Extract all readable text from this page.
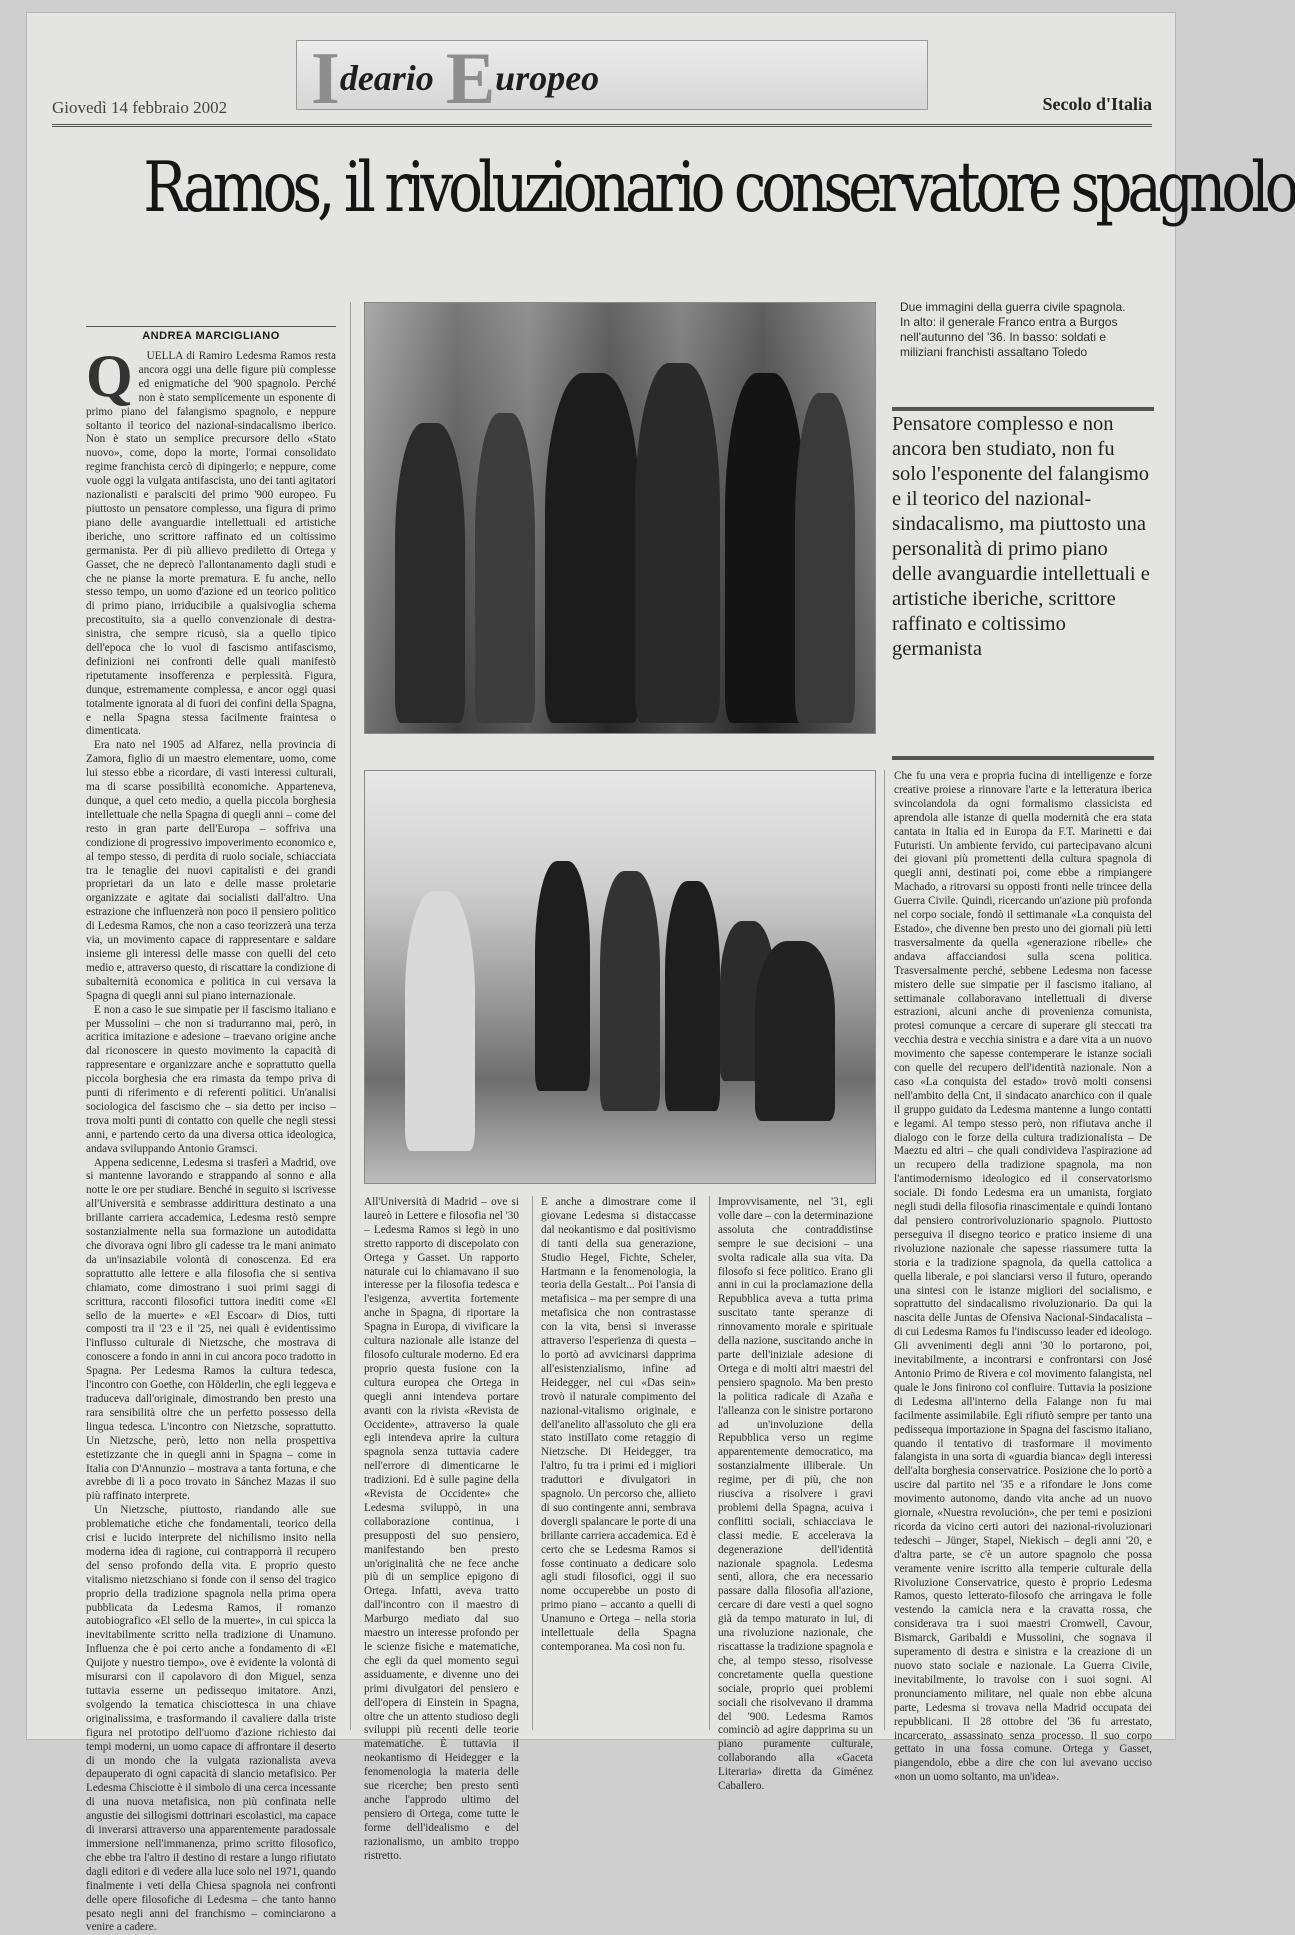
Giovedì 14 febbraio 2002 I deario E uropeo
Secolo d'Italia
Ramos, il rivoluzionario conservatore spagnolo
ANDREA MARCIGLIANO
Q	UELLA di Ramiro Ledesma Ramos resta ancora oggi una delle figure più complesse ed enigmatiche del '900 spagnolo. Perché non è stato semplicemente un esponente di primo piano del falangismo spagnolo, e neppure soltanto il teorico del nazional-sindacalismo iberico. Non è stato un semplice precursore dello «Stato nuovo», come, dopo la morte, l'ormai consolidato regime franchista cercò di dipingerlo; e neppure, come vuole oggi la vulgata antifascista, uno dei tanti agitatori nazionalisti e paralsciti del primo '900 europeo. Fu piuttosto un pensatore complesso, una figura di primo piano delle avanguardie intellettuali ed artistiche iberiche, uno scrittore raffinato ed un coltissimo germanista. Per di più allievo prediletto di Ortega y Gasset, che ne deprecò l'allontanamento dagli studi e che ne pianse la morte prematura. E fu anche, nello stesso tempo, un uomo d'azione ed un teorico politico di primo piano, irriducibile a qualsivoglia schema precostituito, sia a quello convenzionale di destra-sinistra, che sempre ricusò, sia a quello tipico dell'epoca che lo vuol di fascismo antifascismo, definizioni nei confronti delle quali manifestò ripetutamente insofferenza e perplessità. Figura, dunque, estremamente complessa, e ancor oggi quasi totalmente ignorata al di fuori dei confini della Spagna, e nella Spagna stessa facilmente fraintesa o dimenticata.

Era nato nel 1905 ad Alfarez, nella provincia di Zamora, figlio di un maestro elementare, uomo, come lui stesso ebbe a ricordare, di vasti interessi culturali, ma di scarse possibilità economiche. Apparteneva, dunque, a quel ceto medio, a quella piccola borghesia intellettuale che nella Spagna di quegli anni – come del resto in gran parte dell'Europa – soffriva una condizione di progressivo impoverimento economico e, al tempo stesso, di perdita di ruolo sociale, schiacciata tra le tenaglie dei nuovi capitalisti e dei grandi proprietari da un lato e delle masse proletarie organizzate e agitate dai socialisti dall'altro. Una estrazione che influenzerà non poco il pensiero politico di Ledesma Ramos, che non a caso teorizzerà una terza via, un movimento capace di rappresentare e saldare insieme gli interessi delle masse con quelli del ceto medio e, attraverso questo, di riscattare la condizione di subalternità economica e politica in cui versava la Spagna di quegli anni sul piano internazionale.

E non a caso le sue simpatie per il fascismo italiano e per Mussolini – che non si tradurranno mai, però, in acritica imitazione e adesione – traevano origine anche dal riconoscere in questo movimento la capacità di rappresentare e organizzare anche e soprattutto quella piccola borghesia che era rimasta da tempo priva di punti di riferimento e di referenti politici. Un'analisi sociologica del fascismo che – sia detto per inciso – trova molti punti di contatto con quelle che negli stessi anni, e partendo certo da una diversa ottica ideologica, andava sviluppando Antonio Gramsci.

Appena sedicenne, Ledesma si trasferì a Madrid, ove si mantenne lavorando e strappando al sonno e alla notte le ore per studiare. Benché in seguito si iscrivesse all'Università e sembrasse addirittura destinato a una brillante carriera accademica, Ledesma restò sempre sostanzialmente nella sua formazione un autodidatta che divorava ogni libro gli cadesse tra le mani animato da un'insaziabile volontà di conoscenza. Ed era soprattutto alle lettere e alla filosofia che si sentiva chiamato, come dimostrano i suoi primi saggi di scrittura, racconti filosofici tuttora inediti come «El sello de la muerte» e «El Escoar» di Dios, tutti composti tra il '23 e il '25, nei quali è evidentissimo l'influsso culturale di Nietzsche, che mostrava di conoscere a fondo in anni in cui ancora poco tradotto in Spagna. Per Ledesma Ramos la cultura tedesca, l'incontro con Goethe, con Hölderlin, che egli leggeva e traduceva dall'originale, dimostrando ben presto una rara sensibilità oltre che un perfetto possesso della lingua tedesca. L'incontro con Nietzsche, soprattutto. Un Nietzsche, però, letto non nella prospettiva estetizzante che in quegli anni in Spagna – come in Italia con D'Annunzio – mostrava a tanta fortuna, e che avrebbe di lì a poco trovato in Sánchez Mazas il suo più raffinato interprete.

Un Nietzsche, piuttosto, riandando alle sue problematiche etiche che fondamentali, teorico della crisi e lucido interprete del nichilismo insito nella moderna idea di ragione, cui contrapporrà il recupero del senso profondo della vita. E proprio questo vitalismo nietzschiano si fonde con il senso del tragico proprio della tradizione spagnola nella prima opera pubblicata da Ledesma Ramos, il romanzo autobiografico «El sello de la muerte», in cui spicca la inevitabilmente scritto nella tradizione di Unamuno. Influenza che è poi certo anche a fondamento di «El Quijote y nuestro tiempo», ove è evidente la volontà di misurarsi con il capolavoro di don Miguel, senza tuttavia esserne un pedissequo imitatore. Anzi, svolgendo la tematica chisciottesca in una chiave originalissima, e trasformando il cavaliere dalla triste figura nel prototipo dell'uomo d'azione richiesto dai tempi moderni, un uomo capace di affrontare il deserto di un mondo che la vulgata razionalista aveva depauperato di ogni capacità di slancio metafisico. Per Ledesma Chisciotte è il simbolo di una cerca incessante di una nuova metafisica, non più confinata nelle angustie dei sillogismi dottrinari escolastici, ma capace di inverarsi attraverso una apparentemente paradossale immersione nell'immanenza, primo scritto filosofico, che ebbe tra l'altro il destino di restare a lungo rifiutato dagli editori e di vedere alla luce solo nel 1971, quando finalmente i veti della Chiesa spagnola nei confronti delle opere filosofiche di Ledesma – che tanto hanno pesato negli anni del franchismo – cominciarono a venire a cadere.

Due immagini della guerra civile spagnola. In alto: il generale Franco entra a Burgos nell'autunno del '36. In basso: soldati e miliziani franchisti assaltano Toledo
Pensatore complesso e non ancora ben studiato, non fu solo l'esponente del falangismo e il teorico del nazional-sindacalismo, ma piuttosto una personalità di primo piano delle avanguardie intellettuali e artistiche iberiche, scrittore raffinato e coltissimo germanista
Che fu una vera e propria fucina di intelligenze e forze creative proiese a rinnovare l'arte e la letteratura iberica svincolandola da ogni formalismo classicista ed aprendola alle istanze di quella modernità che era stata cantata in Italia ed in Europa da F.T. Marinetti e dai Futuristi. Un ambiente fervido, cui partecipavano alcuni dei giovani più promettenti della cultura spagnola di quegli anni, destinati poi, come ebbe a rimpiangere Machado, a ritrovarsi su opposti fronti nelle trincee della Guerra Civile. Quindi, ricercando un'azione più profonda nel corpo sociale, fondò il settimanale «La conquista del Estado», che divenne ben presto uno dei giornali più letti trasversalmente da quella «generazione ribelle» che andava affacciandosi sulla scena politica. Trasversalmente perché, sebbene Ledesma non facesse mistero delle sue simpatie per il fascismo italiano, al settimanale collaboravano intellettuali di diverse estrazioni, alcuni anche di provenienza comunista, protesi comunque a cercare di superare gli steccati tra vecchia destra e vecchia sinistra e a dare vita a un nuovo movimento che sapesse contemperare le istanze sociali con quelle del recupero dell'identità nazionale. Non a caso «La conquista del estado» trovò molti consensi nell'ambito della Cnt, il sindacato anarchico con il quale il gruppo guidato da Ledesma mantenne a lungo contatti e legami. Al tempo stesso però, non rifiutava anche il dialogo con le forze della cultura tradizionalista – De Maeztu ed altri – che quali condivideva l'aspirazione ad un recupero della tradizione spagnola, ma non l'antimodernismo ideologico ed il conservatorismo sociale. Di fondo Ledesma era un umanista, forgiato negli studi della filosofia rinascimentale e quindi lontano dal pensiero controrivoluzionario spagnolo. Piuttosto perseguiva il disegno teorico e pratico insieme di una rivoluzione nazionale che sapesse riassumere tutta la storia e la tradizione spagnola, da quella cattolica a quella liberale, e poi slanciarsi verso il futuro, operando una sintesi con le istanze migliori del socialismo, e soprattutto del sindacalismo rivoluzionario. Da qui la nascita delle Juntas de Ofensiva Nacional-Sindacalista – di cui Ledesma Ramos fu l'indiscusso leader ed ideologo. Gli avvenimenti degli anni '30 lo portarono, poi, inevitabilmente, a incontrarsi e confrontarsi con José Antonio Primo de Rivera e col movimento falangista, nel quale le Jons finirono col confluire. Tuttavia la posizione di Ledesma all'interno della Falange non fu mai facilmente assimilabile. Egli rifiutò sempre per tanto una pedissequa importazione in Spagna del fascismo italiano, quando il tentativo di trasformare il movimento falangista in una sorta di «guardia bianca» degli interessi dell'alta borghesia conservatrice. Posizione che lo portò a uscire dal partito nel '35 e a rifondare le Jons come movimento autonomo, dando vita anche ad un nuovo giornale, «Nuestra revolución», che per temi e posizioni ricorda da vicino certi autori dei nazional-rivoluzionari tedeschi – Jünger, Stapel, Niekisch – degli anni '20, e d'altra parte, se c'è un autore spagnolo che possa veramente venire iscritto alla temperie culturale della Rivoluzione Conservatrice, questo è proprio Ledesma Ramos, questo letterato-filosofo che arringava le folle vestendo la camicia nera e la cravatta rossa, che considerava tra i suoi maestri Cromwell, Cavour, Bismarck, Garibaldi e Mussolini, che sognava il superamento di destra e sinistra e la creazione di un nuovo stato sociale e nazionale. La Guerra Civile, inevitabilmente, lo travolse con i suoi sogni. Al pronunciamento militare, nel quale non ebbe alcuna parte, Ledesma si trovava nella Madrid occupata dei repubblicani. Il 28 ottobre del '36 fu arrestato, incarcerato, assassinato senza processo. Il suo corpo gettato in una fossa comune. Ortega y Gasset, piangendolo, ebbe a dire che con lui avevano ucciso «non un uomo soltanto, ma un'idea».
All'Università di Madrid – ove si laureò in Lettere e filosofia nel '30 – Ledesma Ramos si legò in uno stretto rapporto di discepolato con Ortega y Gasset. Un rapporto naturale cui lo chiamavano il suo interesse per la filosofia tedesca e l'esigenza, avvertita fortemente anche in Spagna, di riportare la Spagna in Europa, di vivificare la cultura nazionale alle istanze del filosofo culturale moderno. Ed era proprio questa fusione con la cultura europea che Ortega in quegli anni intendeva portare avanti con la rivista «Revista de Occidente», attraverso la quale egli intendeva aprire la cultura spagnola senza tuttavia cadere nell'errore di dimenticarne le tradizioni. Ed è sulle pagine della «Revista de Occidente» che Ledesma sviluppò, in una collaborazione continua, i presupposti del suo pensiero, manifestando ben presto un'originalità che ne fece anche più di un semplice epigono di Ortega. Infatti, aveva tratto dall'incontro con il maestro di Marburgo mediato dal suo maestro un interesse profondo per le scienze fisiche e matematiche, che egli da quel momento seguì assiduamente, e divenne uno dei primi divulgatori del pensiero e dell'opera di Einstein in Spagna, oltre che un attento studioso degli sviluppi più recenti delle teorie matematiche. È tuttavia il neokantismo di Heidegger e la fenomenologia la materia delle sue ricerche; ben presto sentì anche l'approdo ultimo del pensiero di Ortega, come tutte le forme dell'idealismo e del razionalismo, un ambito troppo ristretto.
E anche a dimostrare come il giovane Ledesma si distaccasse dal neokantismo e dal positivismo di tanti della sua generazione, Studio Hegel, Fichte, Scheler, Hartmann e la fenomenologia, la teoria della Gestalt... Poi l'ansia di metafisica – ma per sempre di una metafisica che non contrastasse con la vita, bensì si inverasse attraverso l'esperienza di questa – lo portò ad avvicinarsi dapprima all'esistenzialismo, infine ad Heidegger, nel cui «Das sein» trovò il naturale compimento del nazional-vitalismo originale, e dell'anelito all'assoluto che gli era stato instillato come retaggio di Nietzsche. Di Heidegger, tra l'altro, fu tra i primi ed i migliori traduttori e divulgatori in spagnolo. Un percorso che, allieto di suo contingente anni, sembrava dovergli spalancare le porte di una brillante carriera accademica. Ed è certo che se Ledesma Ramos si fosse continuato a dedicare solo agli studi filosofici, oggi il suo nome occuperebbe un posto di primo piano – accanto a quelli di Unamuno e Ortega – nella storia intellettuale della Spagna contemporanea. Ma così non fu.
Improvvisamente, nel '31, egli volle dare – con la determinazione assoluta che contraddistinse sempre le sue decisioni – una svolta radicale alla sua vita. Da filosofo si fece politico. Erano gli anni in cui la proclamazione della Repubblica aveva a tutta prima suscitato tante speranze di rinnovamento morale e spirituale della nazione, suscitando anche in parte dell'iniziale adesione di Ortega e di molti altri maestri del pensiero spagnolo. Ma ben presto la politica radicale di Azaña e l'alleanza con le sinistre portarono ad un'involuzione della Repubblica verso un regime apparentemente democratico, ma sostanzialmente illiberale. Un regime, per di più, che non riusciva a risolvere i gravi problemi della Spagna, acuiva i conflitti sociali, schiacciava le classi medie. E accelerava la degenerazione dell'identità nazionale spagnola. Ledesma sentì, allora, che era necessario passare dalla filosofia all'azione, cercare di dare vesti a quel sogno già da tempo maturato in lui, di una rivoluzione nazionale, che riscattasse la tradizione spagnola e che, al tempo stesso, risolvesse concretamente quella questione sociale, proprio quei problemi sociali che risolvevano il dramma del '900. Ledesma Ramos cominciò ad agire dapprima su un piano puramente culturale, collaborando alla «Gaceta Literaria» diretta da Giménez Caballero.
